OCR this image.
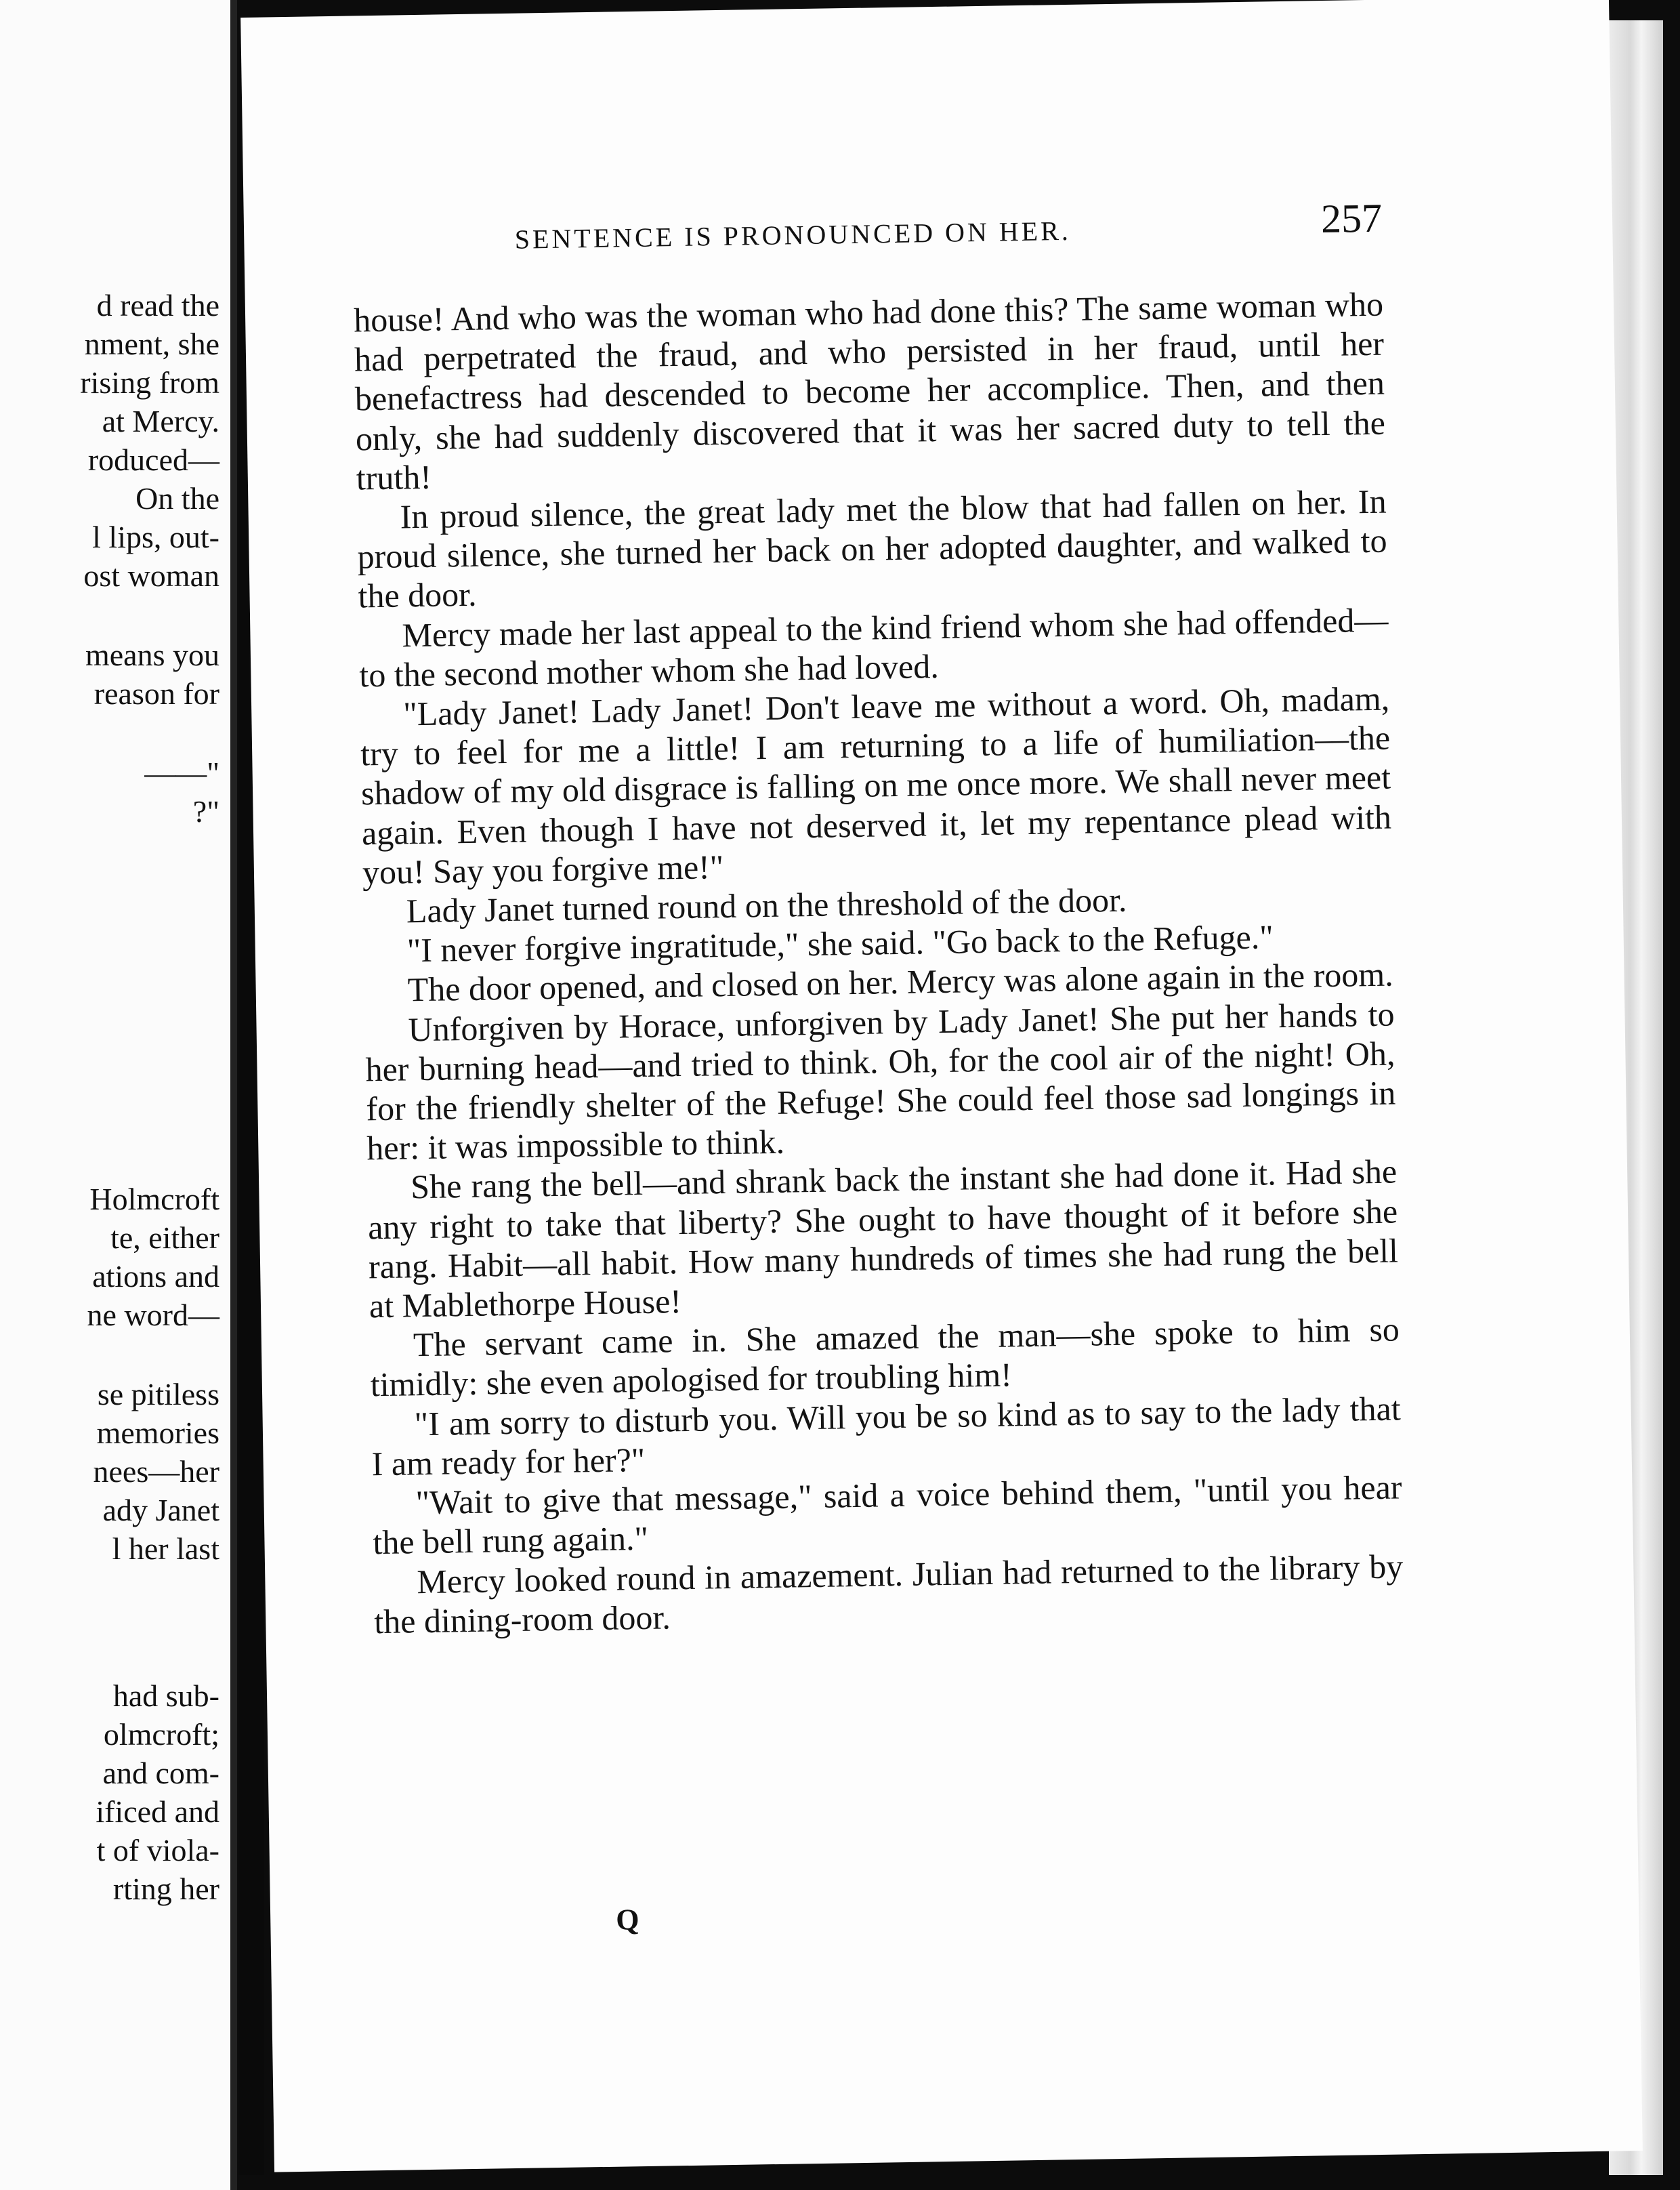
d read the
nment, she
rising from
at Mercy.
roduced—
On the
l lips, out-
ost woman
means you
reason for
——"
?"
Holmcroft
te, either
ations and
ne word—
se pitiless
memories
nees—her
ady Janet
l her last
had sub-
olmcroft;
and com-
ificed and
t of viola-
rting her
SENTENCE IS PRONOUNCED ON HER.	257

house! And who was the woman who had done this? The same woman who had perpetrated the fraud, and who persisted in her fraud, until her benefactress had descended to become her accomplice. Then, and then only, she had suddenly discovered that it was her sacred duty to tell the truth!

In proud silence, the great lady met the blow that had fallen on her. In proud silence, she turned her back on her adopted daughter, and walked to the door.

Mercy made her last appeal to the kind friend whom she had offended—to the second mother whom she had loved.

"Lady Janet! Lady Janet! Don't leave me without a word. Oh, madam, try to feel for me a little! I am returning to a life of humiliation—the shadow of my old disgrace is falling on me once more. We shall never meet again. Even though I have not deserved it, let my repentance plead with you! Say you forgive me!"

Lady Janet turned round on the threshold of the door.

"I never forgive ingratitude," she said. "Go back to the Refuge."

The door opened, and closed on her. Mercy was alone again in the room.

Unforgiven by Horace, unforgiven by Lady Janet! She put her hands to her burning head—and tried to think. Oh, for the cool air of the night! Oh, for the friendly shelter of the Refuge! She could feel those sad longings in her: it was impossible to think.

She rang the bell—and shrank back the instant she had done it. Had she any right to take that liberty? She ought to have thought of it before she rang. Habit—all habit. How many hundreds of times she had rung the bell at Mablethorpe House!

The servant came in. She amazed the man—she spoke to him so timidly: she even apologised for troubling him!

"I am sorry to disturb you. Will you be so kind as to say to the lady that I am ready for her?"

"Wait to give that message," said a voice behind them, "until you hear the bell rung again."

Mercy looked round in amazement. Julian had returned to the library by the dining-room door.

Q
